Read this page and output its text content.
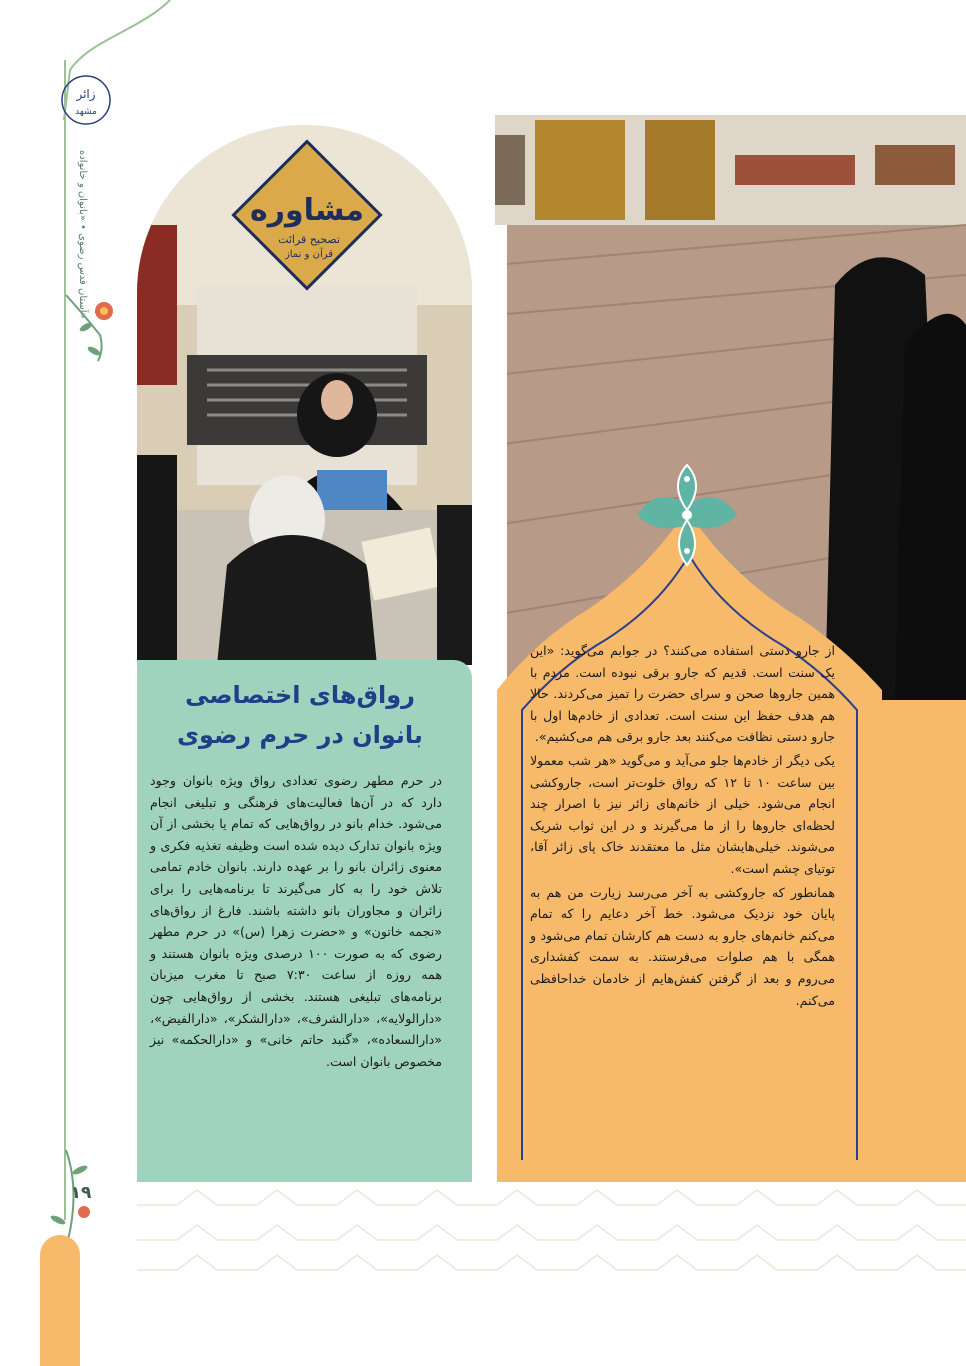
زائر
مشهد
آستان قدس رضوی • «بانوان و خانواده»
۱۹
مشاوره
تصحیح قرائت
قرآن و نماز
رواق‌های اختصاصی
بانوان در حرم رضوی
در حرم مطهر رضوی تعدادی رواق ویژه بانوان وجود دارد که در آن‌ها فعالیت‌های فرهنگی و تبلیغی انجام می‌شود. خدام بانو در رواق‌هایی که تمام یا بخشی از آن ویژه بانوان تدارک دیده شده است وظیفه تغذیه فکری و معنوی زائران بانو را بر عهده دارند. بانوان خادم تمامی تلاش خود را به کار می‌گیرند تا برنامه‌هایی را برای زائران و مجاوران بانو داشته باشند. فارغ از رواق‌های «نجمه خاتون» و «حضرت زهرا (س)» در حرم مطهر رضوی که به صورت ۱۰۰ درصدی ویژه بانوان هستند و همه روزه از ساعت ۷:۳۰ صبح تا مغرب میزبان برنامه‌های تبلیغی هستند. بخشی از رواق‌هایی چون «دارالولایه»، «دارالشرف»، «دارالشکر»، «دارالفیض»، «دارالسعاده»، «گنبد حاتم خانی» و «دارالحکمه» نیز مخصوص بانوان است.

از جارو دستی استفاده می‌کنند؟ در جوابم می‌گوید: «این یک سنت است. قدیم که جارو برقی نبوده است. مردم با همین جاروها صحن و سرای حضرت را تمیز می‌کردند. حالا هم هدف حفظ این سنت است. تعدادی از خادم‌ها اول با جارو دستی نظافت می‌کنند بعد جارو برقی هم می‌کشیم».

یکی دیگر از خادم‌ها جلو می‌آید و می‌گوید «هر شب معمولا بین ساعت ۱۰ تا ۱۲ که رواق خلوت‌تر است، جاروکشی انجام می‌شود. خیلی از خانم‌های زائر نیز با اصرار چند لحظه‌ای جاروها را از ما می‌گیرند و در این ثواب شریک می‌شوند. خیلی‌هایشان مثل ما معتقدند خاک پای زائر آقا، توتیای چشم است».

همانطور که جاروکشی به آخر می‌رسد زیارت من هم به پایان خود نزدیک می‌شود. خط آخر دعایم را که تمام می‌کنم خانم‌های جارو به دست هم کارشان تمام می‌شود و همگی با هم صلوات می‌فرستند. به سمت کفشداری می‌روم و بعد از گرفتن کفش‌هایم از خادمان خداحافظی می‌کنم.
